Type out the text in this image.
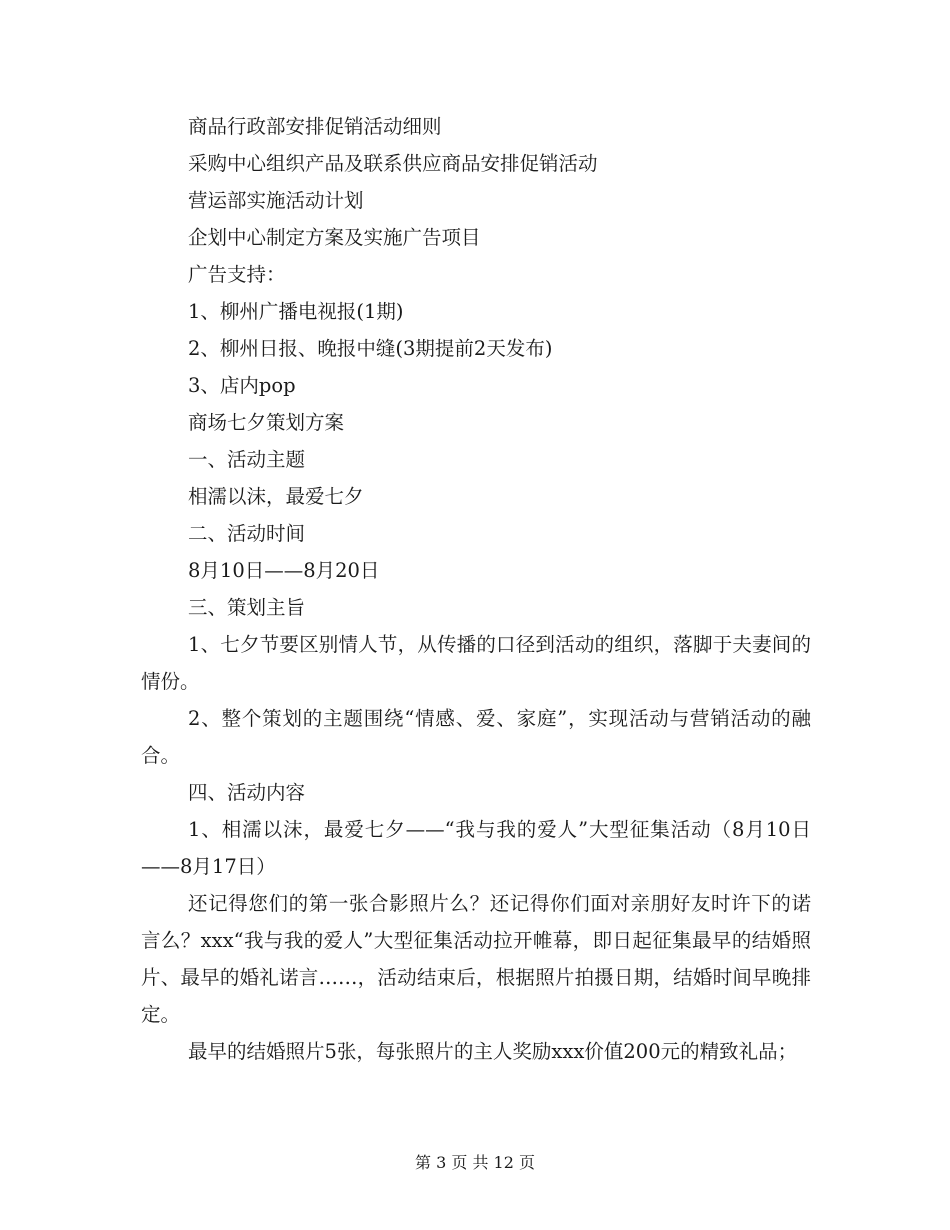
商品行政部安排促销活动细则
采购中心组织产品及联系供应商品安排促销活动
营运部实施活动计划
企划中心制定方案及实施广告项目
广告支持：
1、柳州广播电视报(1期)
2、柳州日报、晚报中缝(3期提前2天发布)
3、店内pop
商场七夕策划方案
一、活动主题
相濡以沫，最爱七夕
二、活动时间
8月10日——8月20日
三、策划主旨

1、七夕节要区别情人节，从传播的口径到活动的组织，落脚于夫妻间的情份。

2、整个策划的主题围绕“情感、爱、家庭”，实现活动与营销活动的融合。

四、活动内容

1、相濡以沫，最爱七夕——“我与我的爱人”大型征集活动（8月10日——8月17日）

还记得您们的第一张合影照片么？还记得你们面对亲朋好友时许下的诺言么？xxx“我与我的爱人”大型征集活动拉开帷幕，即日起征集最早的结婚照片、最早的婚礼诺言……，活动结束后，根据照片拍摄日期，结婚时间早晚排定。

最早的结婚照片5张，每张照片的主人奖励xxx价值200元的精致礼品；

第 3 页 共 12 页
